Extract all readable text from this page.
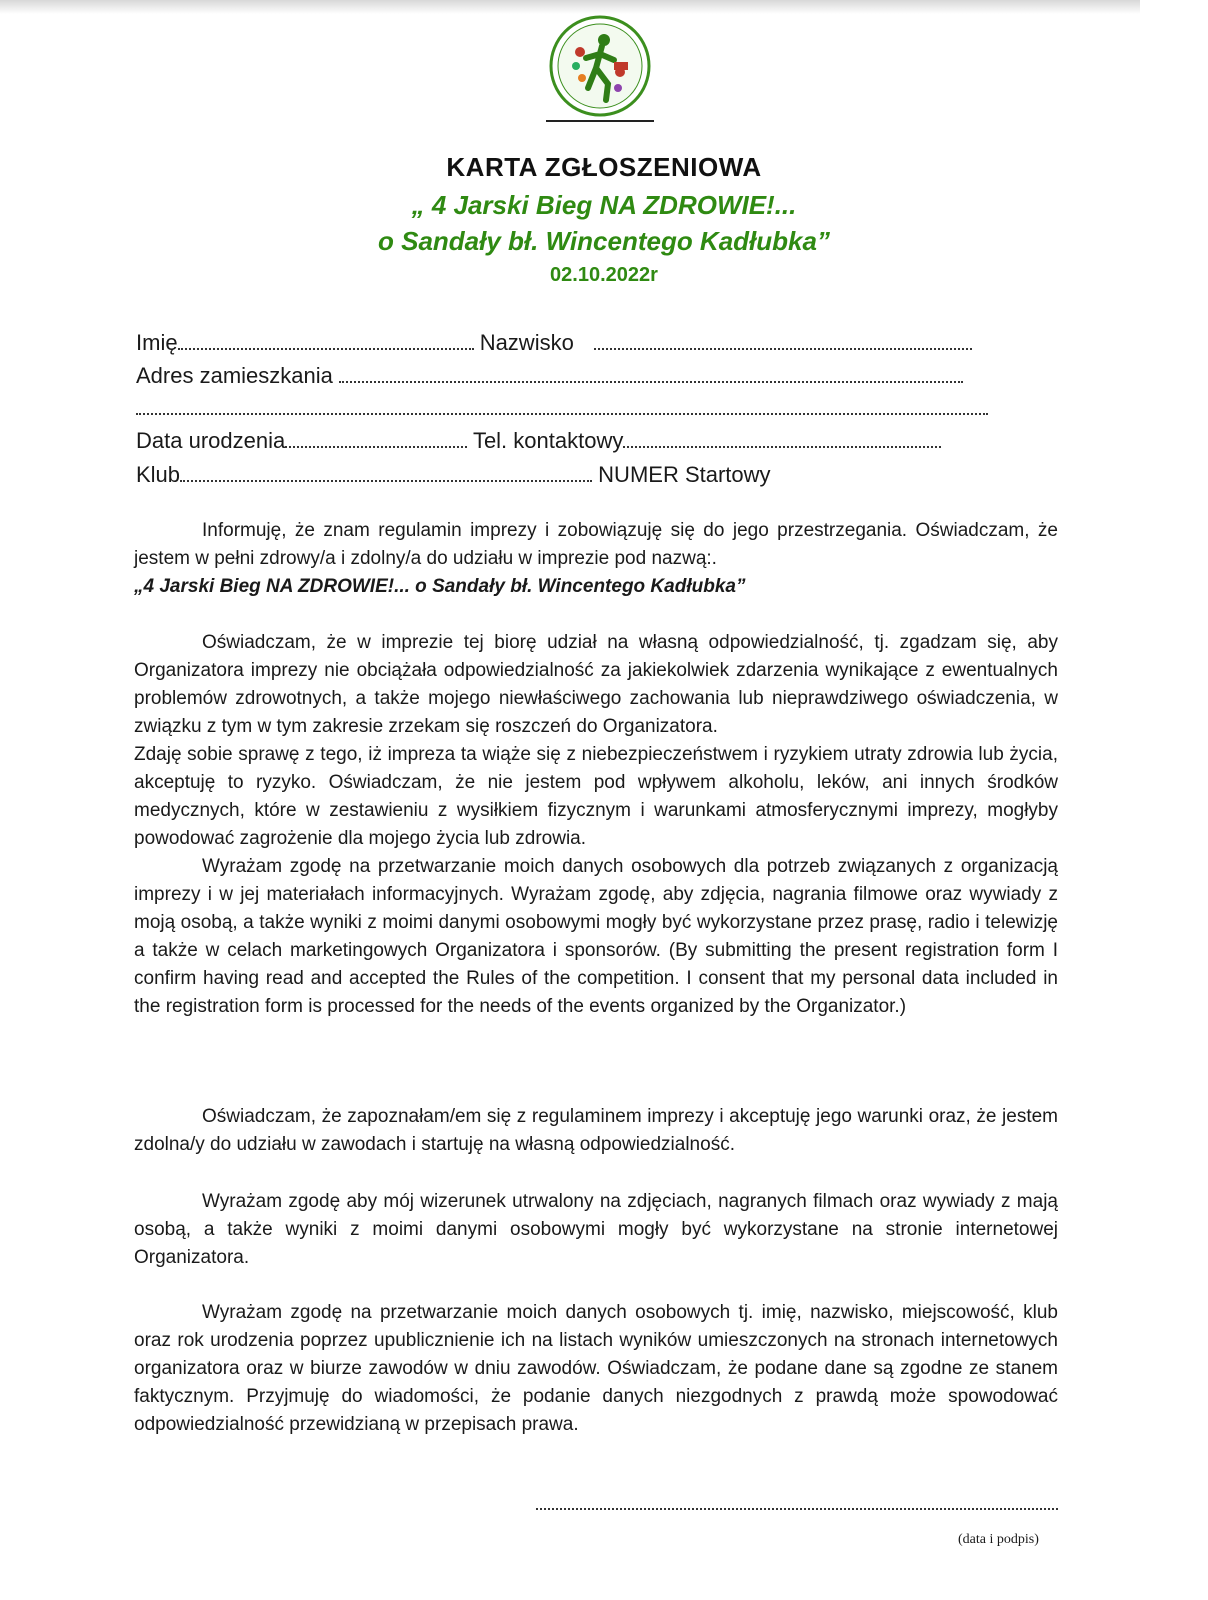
KARTA ZGŁOSZENIOWA
„ 4 Jarski Bieg NA ZDROWIE!...
o Sandały bł. Wincentego Kadłubka”
02.10.2022r
Imię	Nazwisko
Adres zamieszkania
Data urodzenia	Tel. kontaktowy
Klub	NUMER Startowy

Informuję, że znam regulamin imprezy i zobowiązuję się do jego przestrzegania. Oświadczam, że jestem w pełni zdrowy/a i zdolny/a do udziału w imprezie pod nazwą:.

„4 Jarski Bieg NA ZDROWIE!... o Sandały bł. Wincentego Kadłubka”

Oświadczam, że w imprezie tej biorę udział na własną odpowiedzialność, tj. zgadzam się, aby Organizatora imprezy nie obciążała odpowiedzialność za jakiekolwiek zdarzenia wynikające z ewentualnych problemów zdrowotnych, a także mojego niewłaściwego zachowania lub nieprawdziwego oświadczenia, w związku z tym w tym zakresie zrzekam się roszczeń do Organizatora.

Zdaję sobie sprawę z tego, iż impreza ta wiąże się z niebezpieczeństwem i ryzykiem utraty zdrowia lub życia, akceptuję to ryzyko. Oświadczam, że nie jestem pod wpływem alkoholu, leków, ani innych środków medycznych, które w zestawieniu z wysiłkiem fizycznym i warunkami atmosferycznymi imprezy, mogłyby powodować zagrożenie dla mojego życia lub zdrowia.

Wyrażam zgodę na przetwarzanie moich danych osobowych dla potrzeb związanych z organizacją imprezy i w jej materiałach informacyjnych. Wyrażam zgodę, aby zdjęcia, nagrania filmowe oraz wywiady z moją osobą, a także wyniki z moimi danymi osobowymi mogły być wykorzystane przez prasę, radio i telewizję a także w celach marketingowych Organizatora i sponsorów. (By submitting the present registration form I confirm having read and accepted the Rules of the competition. I consent that my personal data included in the registration form is processed for the needs of the events organized by the Organizator.)

Oświadczam, że zapoznałam/em się z regulaminem imprezy i akceptuję jego warunki oraz, że jestem zdolna/y do udziału w zawodach i startuję na własną odpowiedzialność.

Wyrażam zgodę aby mój wizerunek utrwalony na zdjęciach, nagranych filmach oraz wywiady z mają osobą, a także wyniki z moimi danymi osobowymi mogły być wykorzystane na stronie internetowej Organizatora.

Wyrażam zgodę na przetwarzanie moich danych osobowych tj. imię, nazwisko, miejscowość, klub oraz rok urodzenia poprzez upublicznienie ich na listach wyników umieszczonych na stronach internetowych organizatora oraz w biurze zawodów w dniu zawodów. Oświadczam, że podane dane są zgodne ze stanem faktycznym. Przyjmuję do wiadomości, że podanie danych niezgodnych z prawdą może spowodować odpowiedzialność przewidzianą w przepisach prawa.

(data i podpis)
